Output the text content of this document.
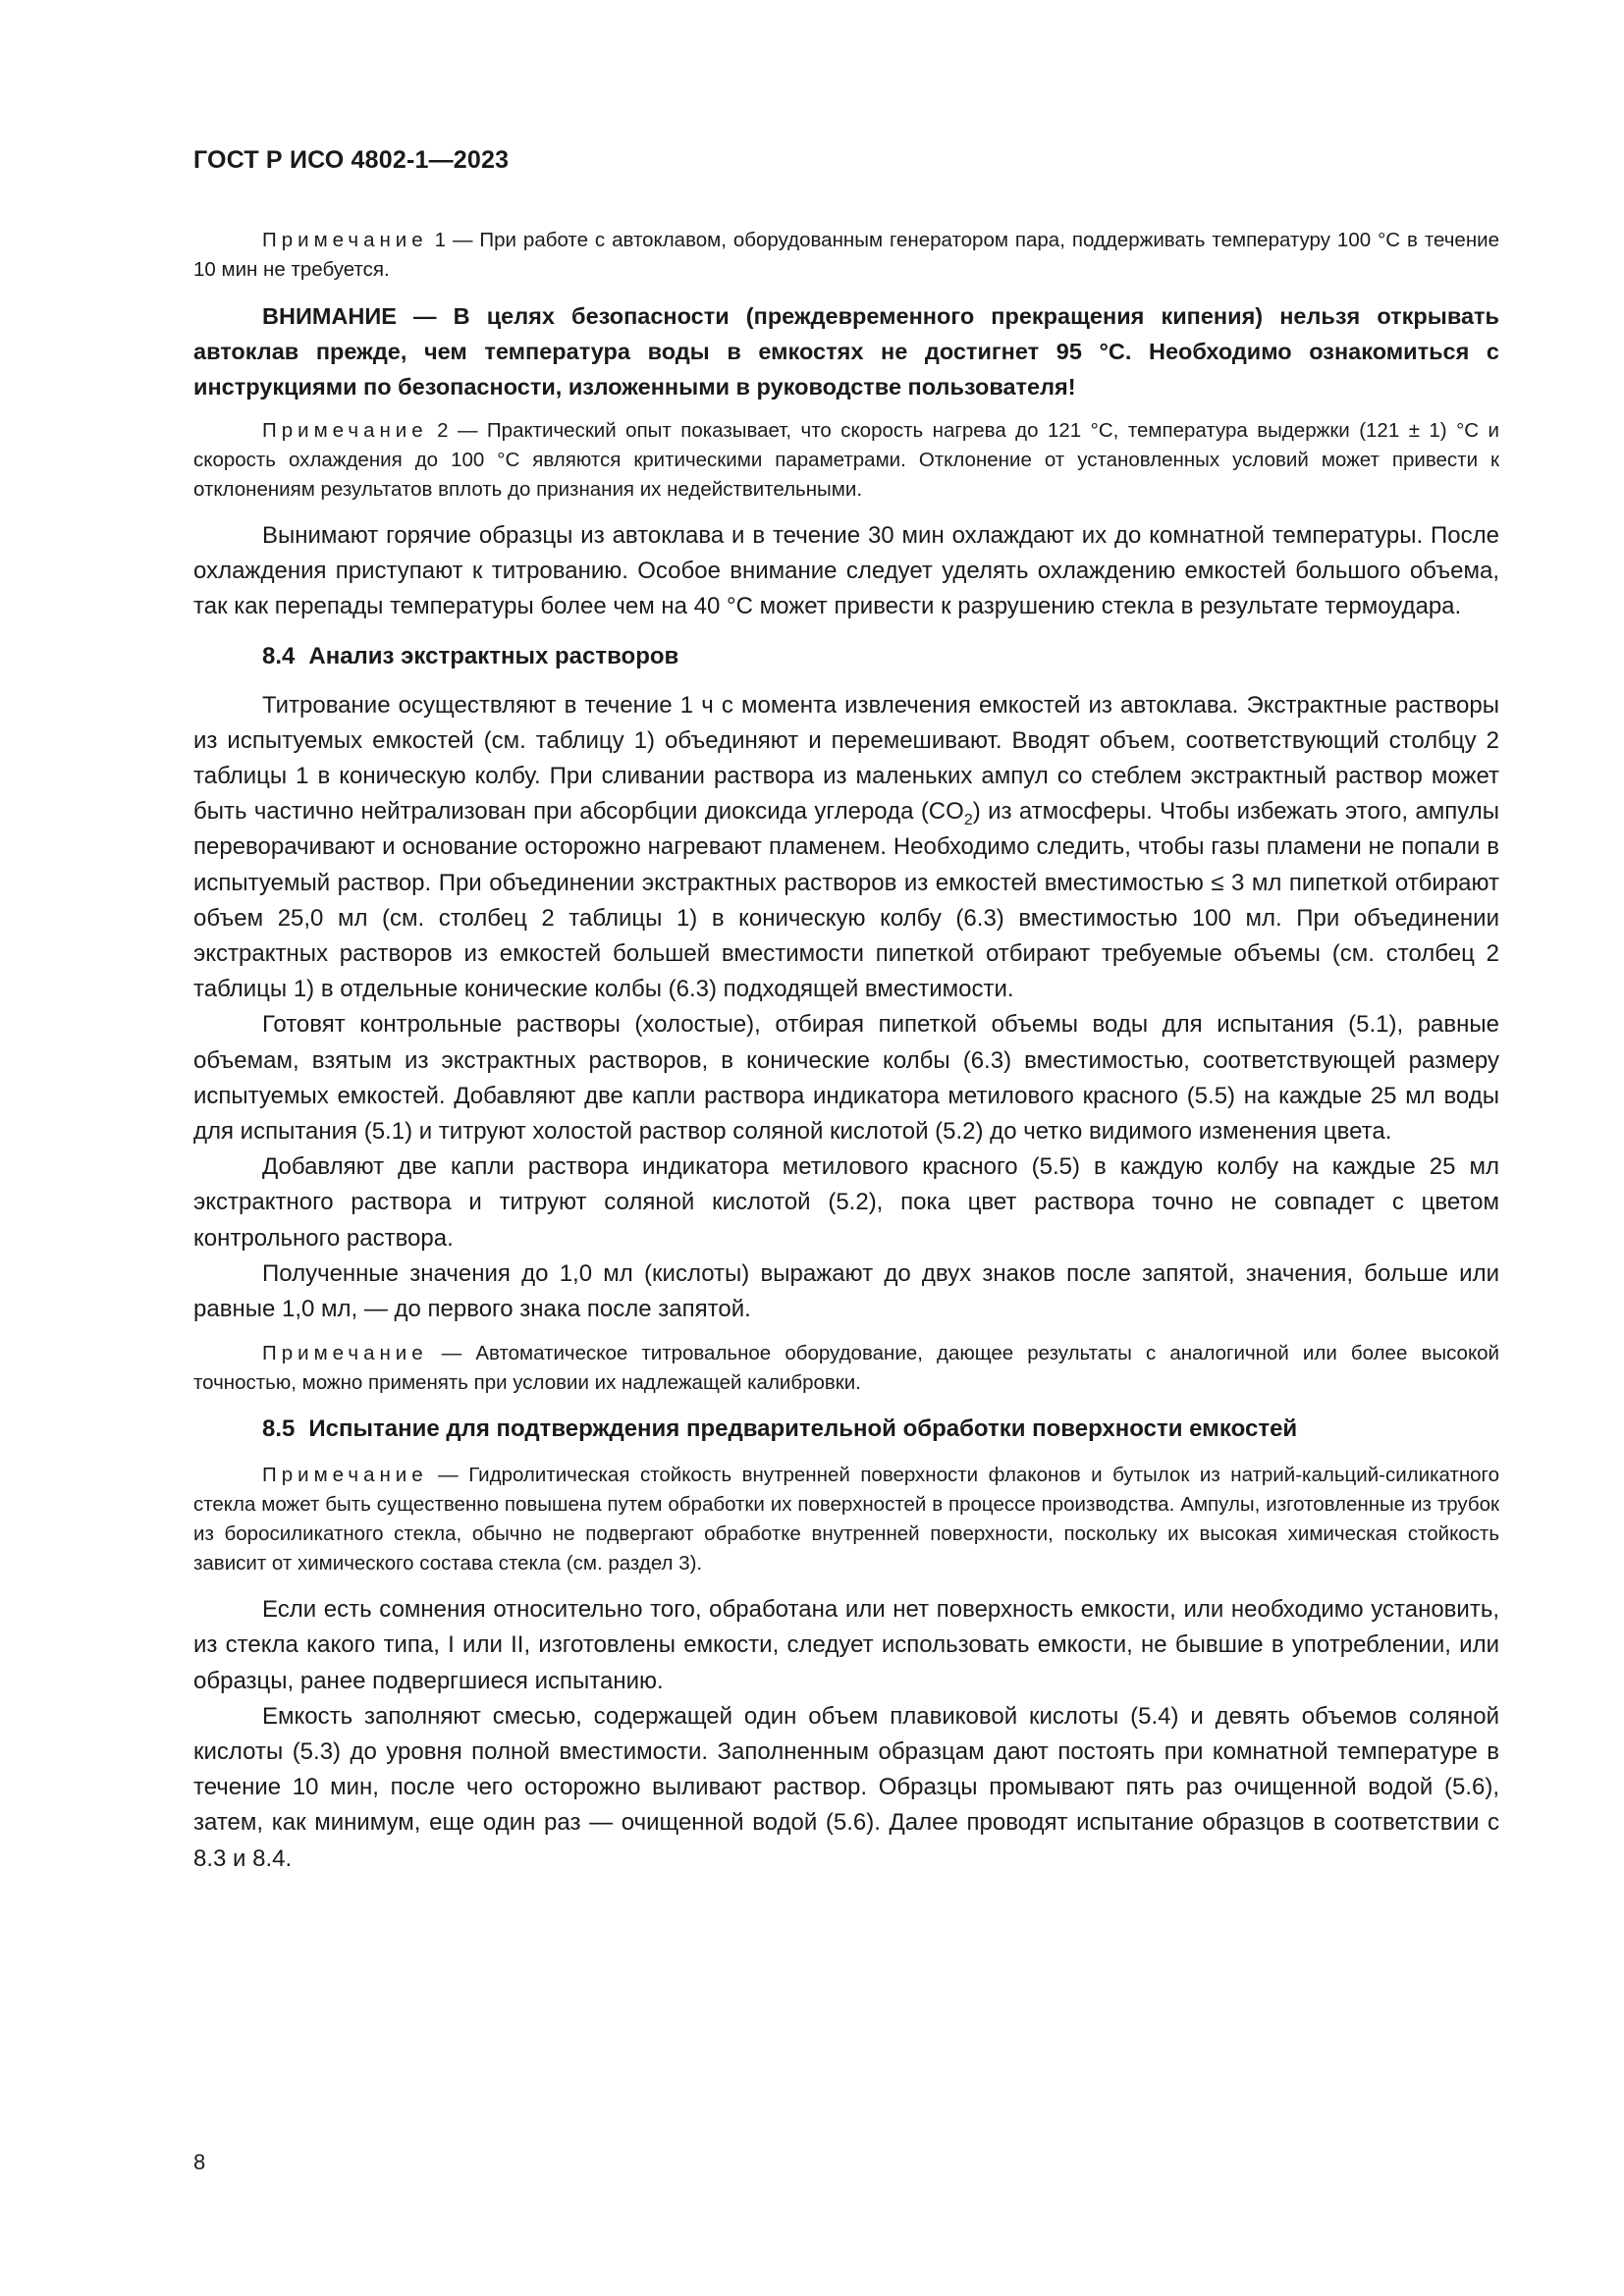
ГОСТ Р ИСО 4802-1—2023

Примечание 1 — При работе с автоклавом, оборудованным генератором пара, поддерживать температуру 100 °C в течение 10 мин не требуется.

ВНИМАНИЕ — В целях безопасности (преждевременного прекращения кипения) нельзя открывать автоклав прежде, чем температура воды в емкостях не достигнет 95 °C. Необходимо ознакомиться с инструкциями по безопасности, изложенными в руководстве пользователя!

Примечание 2 — Практический опыт показывает, что скорость нагрева до 121 °C, температура выдержки (121 ± 1) °C и скорость охлаждения до 100 °C являются критическими параметрами. Отклонение от установленных условий может привести к отклонениям результатов вплоть до признания их недействительными.

Вынимают горячие образцы из автоклава и в течение 30 мин охлаждают их до комнатной температуры. После охлаждения приступают к титрованию. Особое внимание следует уделять охлаждению емкостей большого объема, так как перепады температуры более чем на 40 °C может привести к разрушению стекла в результате термоудара.

8.4 Анализ экстрактных растворов

Титрование осуществляют в течение 1 ч с момента извлечения емкостей из автоклава. Экстрактные растворы из испытуемых емкостей (см. таблицу 1) объединяют и перемешивают. Вводят объем, соответствующий столбцу 2 таблицы 1 в коническую колбу. При сливании раствора из маленьких ампул со стеблем экстрактный раствор может быть частично нейтрализован при абсорбции диоксида углерода $(CO_2)$ из атмосферы. Чтобы избежать этого, ампулы переворачивают и основание осторожно нагревают пламенем. Необходимо следить, чтобы газы пламени не попали в испытуемый раствор. При объединении экстрактных растворов из емкостей вместимостью ≤ 3 мл пипеткой отбирают объем 25,0 мл (см. столбец 2 таблицы 1) в коническую колбу (6.3) вместимостью 100 мл. При объединении экстрактных растворов из емкостей большей вместимости пипеткой отбирают требуемые объемы (см. столбец 2 таблицы 1) в отдельные конические колбы (6.3) подходящей вместимости.

Готовят контрольные растворы (холостые), отбирая пипеткой объемы воды для испытания (5.1), равные объемам, взятым из экстрактных растворов, в конические колбы (6.3) вместимостью, соответствующей размеру испытуемых емкостей. Добавляют две капли раствора индикатора метилового красного (5.5) на каждые 25 мл воды для испытания (5.1) и титруют холостой раствор соляной кислотой (5.2) до четко видимого изменения цвета.

Добавляют две капли раствора индикатора метилового красного (5.5) в каждую колбу на каждые 25 мл экстрактного раствора и титруют соляной кислотой (5.2), пока цвет раствора точно не совпадет с цветом контрольного раствора.

Полученные значения до 1,0 мл (кислоты) выражают до двух знаков после запятой, значения, больше или равные 1,0 мл, — до первого знака после запятой.

Примечание — Автоматическое титровальное оборудование, дающее результаты с аналогичной или более высокой точностью, можно применять при условии их надлежащей калибровки.

8.5 Испытание для подтверждения предварительной обработки поверхности емкостей

Примечание — Гидролитическая стойкость внутренней поверхности флаконов и бутылок из натрий-кальций-силикатного стекла может быть существенно повышена путем обработки их поверхностей в процессе производства. Ампулы, изготовленные из трубок из боросиликатного стекла, обычно не подвергают обработке внутренней поверхности, поскольку их высокая химическая стойкость зависит от химического состава стекла (см. раздел 3).

Если есть сомнения относительно того, обработана или нет поверхность емкости, или необходимо установить, из стекла какого типа, I или II, изготовлены емкости, следует использовать емкости, не бывшие в употреблении, или образцы, ранее подвергшиеся испытанию.

Емкость заполняют смесью, содержащей один объем плавиковой кислоты (5.4) и девять объемов соляной кислоты (5.3) до уровня полной вместимости. Заполненным образцам дают постоять при комнатной температуре в течение 10 мин, после чего осторожно выливают раствор. Образцы промывают пять раз очищенной водой (5.6), затем, как минимум, еще один раз — очищенной водой (5.6). Далее проводят испытание образцов в соответствии с 8.3 и 8.4.

8
